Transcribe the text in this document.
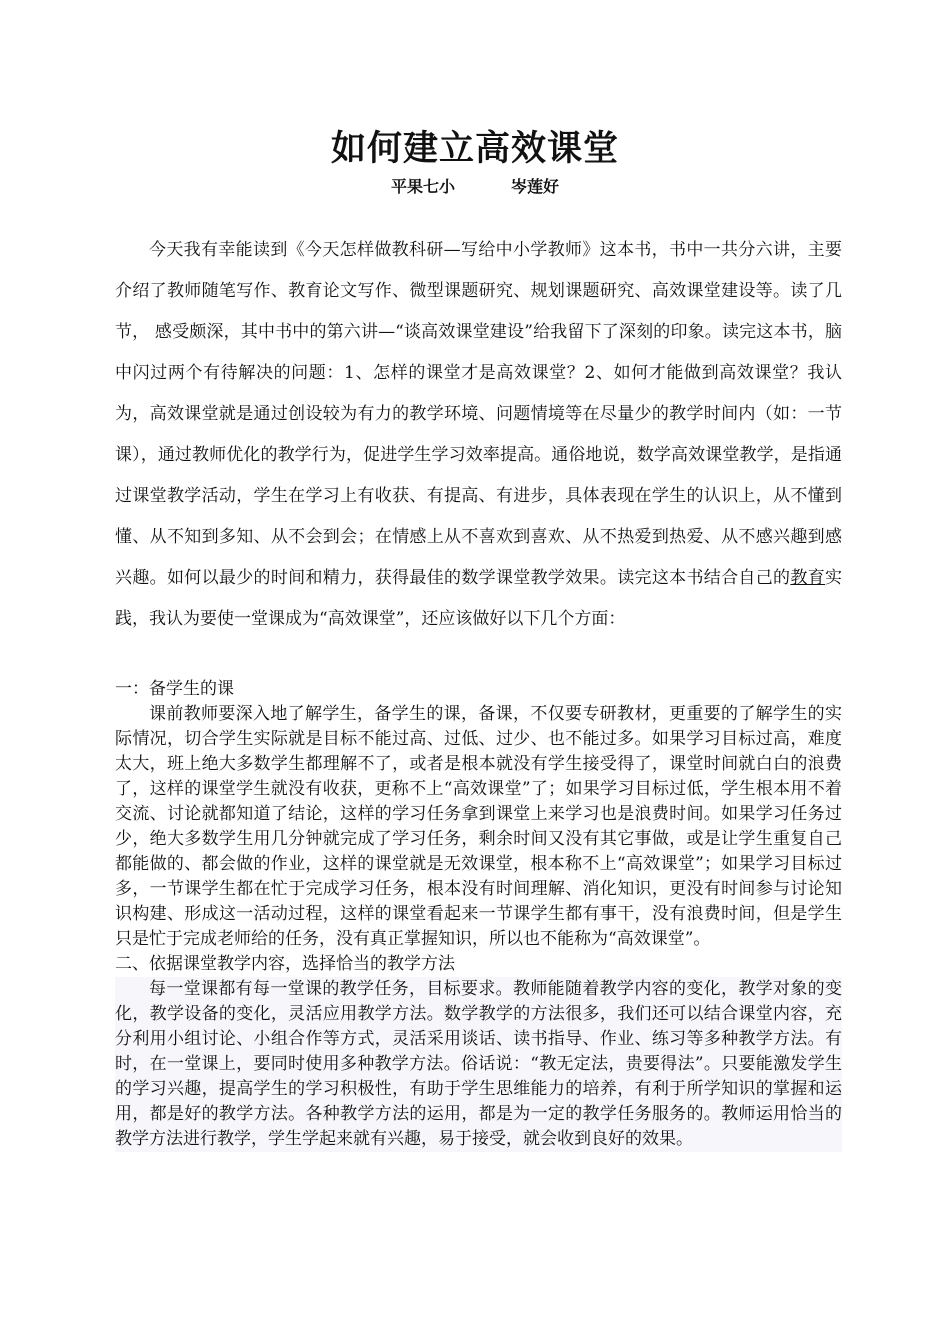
如何建立高效课堂
平果七小	岑莲好

今天我有幸能读到《今天怎样做教科研—写给中小学教师》这本书，书中一共分六讲，主要介绍了教师随笔写作、教育论文写作、微型课题研究、规划课题研究、高效课堂建设等。读了几节， 感受颇深，其中书中的第六讲—“谈高效课堂建设”给我留下了深刻的印象。读完这本书，脑中闪过两个有待解决的问题：1、怎样的课堂才是高效课堂？2、如何才能做到高效课堂？我认为，高效课堂就是通过创设较为有力的教学环境、问题情境等在尽量少的教学时间内（如：一节课），通过教师优化的教学行为，促进学生学习效率提高。通俗地说，数学高效课堂教学，是指通过课堂教学活动，学生在学习上有收获、有提高、有进步，具体表现在学生的认识上，从不懂到懂、从不知到多知、从不会到会；在情感上从不喜欢到喜欢、从不热爱到热爱、从不感兴趣到感兴趣。如何以最少的时间和精力，获得最佳的数学课堂教学效果。读完这本书结合自己的教育实践，我认为要使一堂课成为“高效课堂”，还应该做好以下几个方面：

一：备学生的课

课前教师要深入地了解学生，备学生的课，备课，不仅要专研教材，更重要的了解学生的实际情况，切合学生实际就是目标不能过高、过低、过少、也不能过多。如果学习目标过高，难度太大，班上绝大多数学生都理解不了，或者是根本就没有学生接受得了，课堂时间就白白的浪费了，这样的课堂学生就没有收获，更称不上“高效课堂”了；如果学习目标过低，学生根本用不着交流、讨论就都知道了结论，这样的学习任务拿到课堂上来学习也是浪费时间。如果学习任务过少，绝大多数学生用几分钟就完成了学习任务，剩余时间又没有其它事做，或是让学生重复自己都能做的、都会做的作业，这样的课堂就是无效课堂，根本称不上“高效课堂”；如果学习目标过多，一节课学生都在忙于完成学习任务，根本没有时间理解、消化知识，更没有时间参与讨论知识构建、形成这一活动过程，这样的课堂看起来一节课学生都有事干，没有浪费时间，但是学生只是忙于完成老师给的任务，没有真正掌握知识，所以也不能称为“高效课堂”。

二、依据课堂教学内容，选择恰当的教学方法

每一堂课都有每一堂课的教学任务，目标要求。教师能随着教学内容的变化，教学对象的变化，教学设备的变化，灵活应用教学方法。数学教学的方法很多，我们还可以结合课堂内容，充分利用小组讨论、小组合作等方式，灵活采用谈话、读书指导、作业、练习等多种教学方法。有时，在一堂课上，要同时使用多种教学方法。俗话说：“教无定法，贵要得法”。只要能激发学生的学习兴趣，提高学生的学习积极性，有助于学生思维能力的培养，有利于所学知识的掌握和运用，都是好的教学方法。各种教学方法的运用，都是为一定的教学任务服务的。教师运用恰当的教学方法进行教学，学生学起来就有兴趣，易于接受，就会收到良好的效果。
